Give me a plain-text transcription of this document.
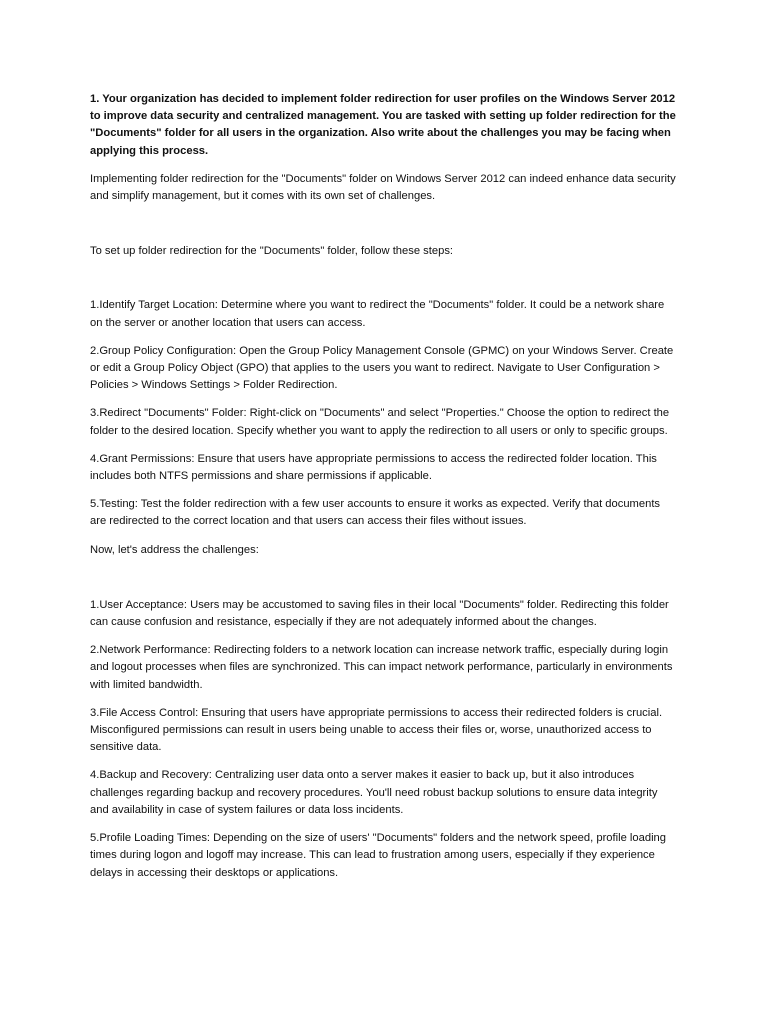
1. Your organization has decided to implement folder redirection for user profiles on the Windows Server 2012 to improve data security and centralized management. You are tasked with setting up folder redirection for the "Documents" folder for all users in the organization. Also write about the challenges you may be facing when applying this process.

Implementing folder redirection for the "Documents" folder on Windows Server 2012 can indeed enhance data security and simplify management, but it comes with its own set of challenges.

To set up folder redirection for the "Documents" folder, follow these steps:

1.Identify Target Location: Determine where you want to redirect the "Documents" folder. It could be a network share on the server or another location that users can access.

2.Group Policy Configuration: Open the Group Policy Management Console (GPMC) on your Windows Server. Create or edit a Group Policy Object (GPO) that applies to the users you want to redirect. Navigate to User Configuration > Policies > Windows Settings > Folder Redirection.

3.Redirect "Documents" Folder: Right-click on "Documents" and select "Properties." Choose the option to redirect the folder to the desired location. Specify whether you want to apply the redirection to all users or only to specific groups.

4.Grant Permissions: Ensure that users have appropriate permissions to access the redirected folder location. This includes both NTFS permissions and share permissions if applicable.

5.Testing: Test the folder redirection with a few user accounts to ensure it works as expected. Verify that documents are redirected to the correct location and that users can access their files without issues.

Now, let's address the challenges:

1.User Acceptance: Users may be accustomed to saving files in their local "Documents" folder. Redirecting this folder can cause confusion and resistance, especially if they are not adequately informed about the changes.

2.Network Performance: Redirecting folders to a network location can increase network traffic, especially during login and logout processes when files are synchronized. This can impact network performance, particularly in environments with limited bandwidth.

3.File Access Control: Ensuring that users have appropriate permissions to access their redirected folders is crucial. Misconfigured permissions can result in users being unable to access their files or, worse, unauthorized access to sensitive data.

4.Backup and Recovery: Centralizing user data onto a server makes it easier to back up, but it also introduces challenges regarding backup and recovery procedures. You'll need robust backup solutions to ensure data integrity and availability in case of system failures or data loss incidents.

5.Profile Loading Times: Depending on the size of users' "Documents" folders and the network speed, profile loading times during logon and logoff may increase. This can lead to frustration among users, especially if they experience delays in accessing their desktops or applications.
